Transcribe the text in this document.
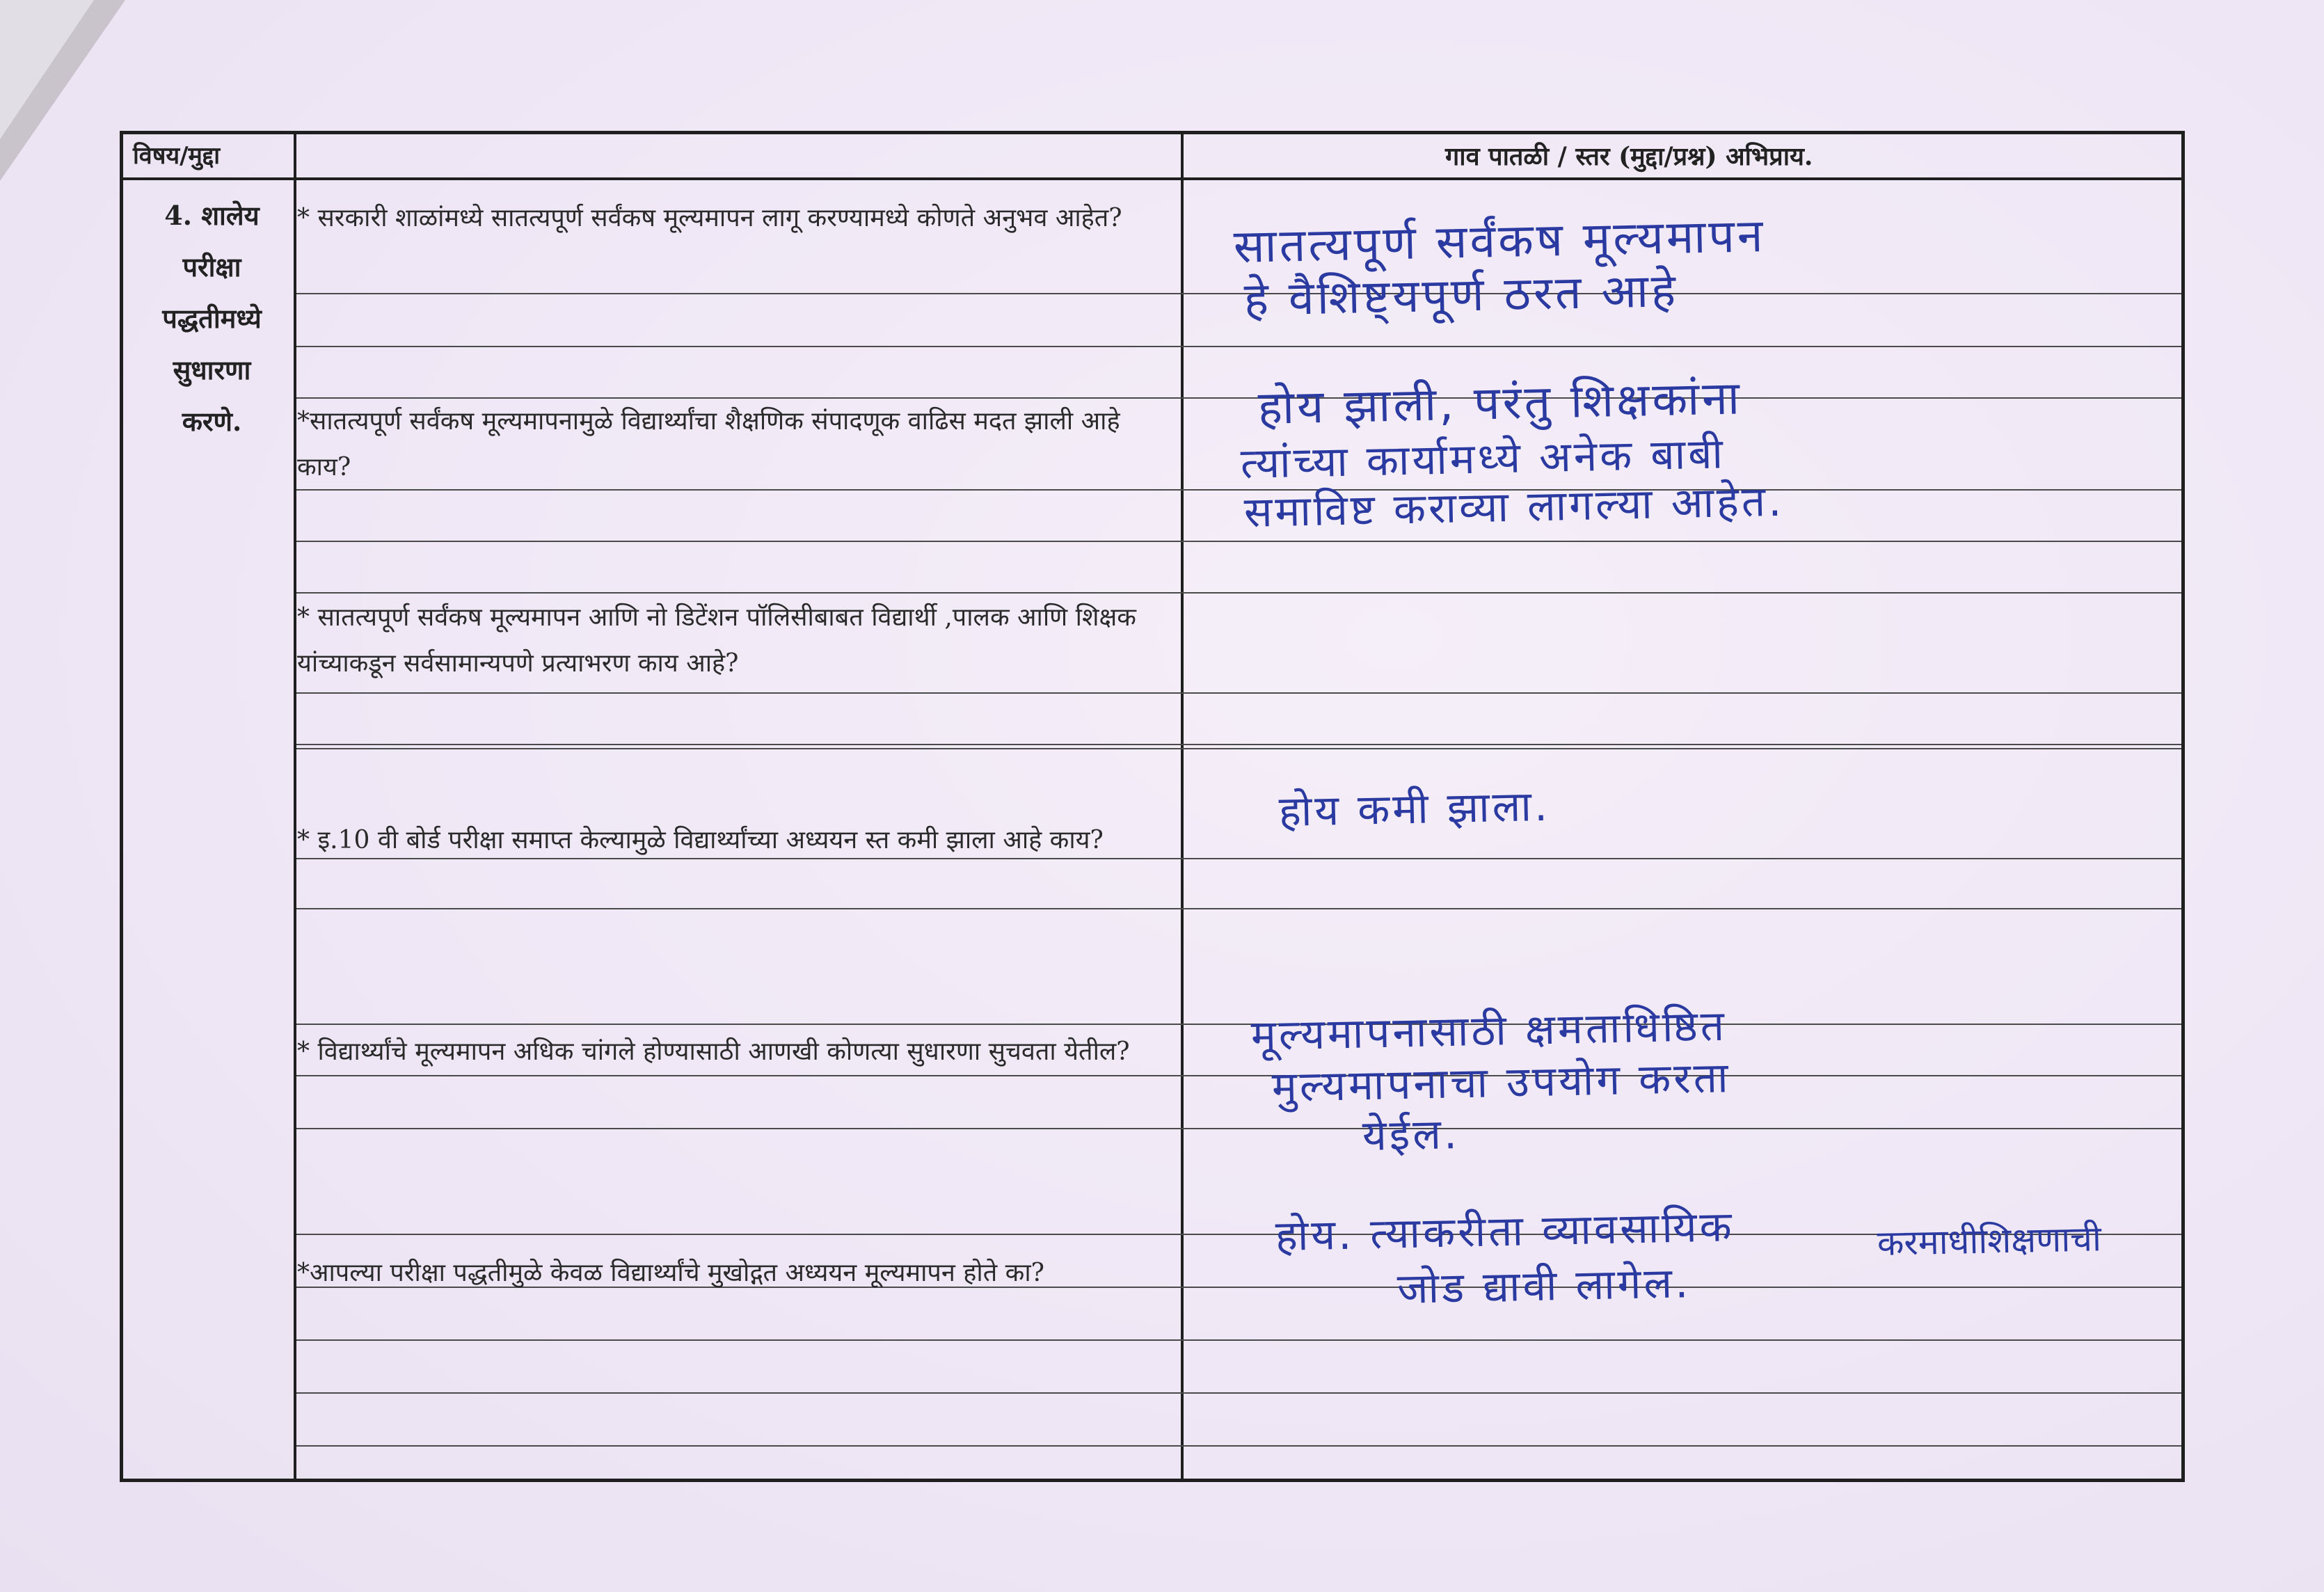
विषय/मुद्दा	गाव पातळी / स्तर (मुद्दा/प्रश्न) अभिप्राय.
4. शालेय
परीक्षा
पद्धतीमध्ये
सुधारणा
करणे.
* सरकारी शाळांमध्ये सातत्यपूर्ण सर्वंकष मूल्यमापन लागू करण्यामध्ये कोणते अनुभव आहेत?
*सातत्यपूर्ण सर्वंकष मूल्यमापनामुळे विद्यार्थ्यांचा शैक्षणिक संपादणूक वाढिस मदत झाली आहे काय?
* सातत्यपूर्ण सर्वंकष मूल्यमापन आणि नो डिटेंशन पॉलिसीबाबत विद्यार्थी ,पालक आणि शिक्षक यांच्याकडून सर्वसामान्यपणे प्रत्याभरण काय आहे?
* इ.10 वी बोर्ड परीक्षा समाप्त केल्यामुळे विद्यार्थ्यांच्या अध्ययन स्त कमी झाला आहे काय?
* विद्यार्थ्यांचे मूल्यमापन अधिक चांगले होण्यासाठी आणखी कोणत्या सुधारणा सुचवता येतील?
*आपल्या परीक्षा पद्धतीमुळे केवळ विद्यार्थ्यांचे मुखोद्गत अध्ययन मूल्यमापन होते का?
सातत्यपूर्ण सर्वंकष मूल्यमापन
हे वैशिष्ट्यपूर्ण ठरत आहे
होय झाली, परंतु शिक्षकांना
त्यांच्या कार्यामध्ये अनेक बाबी
समाविष्ट कराव्या लागल्या आहेत.
होय कमी झाला.
मूल्यमापनासाठी क्षमताधिष्ठित
मुल्यमापनाचा उपयोग करता
येईल.
होय. त्याकरीता व्यावसायिक	करमाधीशिक्षणाची
जोड द्यावी लागेल.
